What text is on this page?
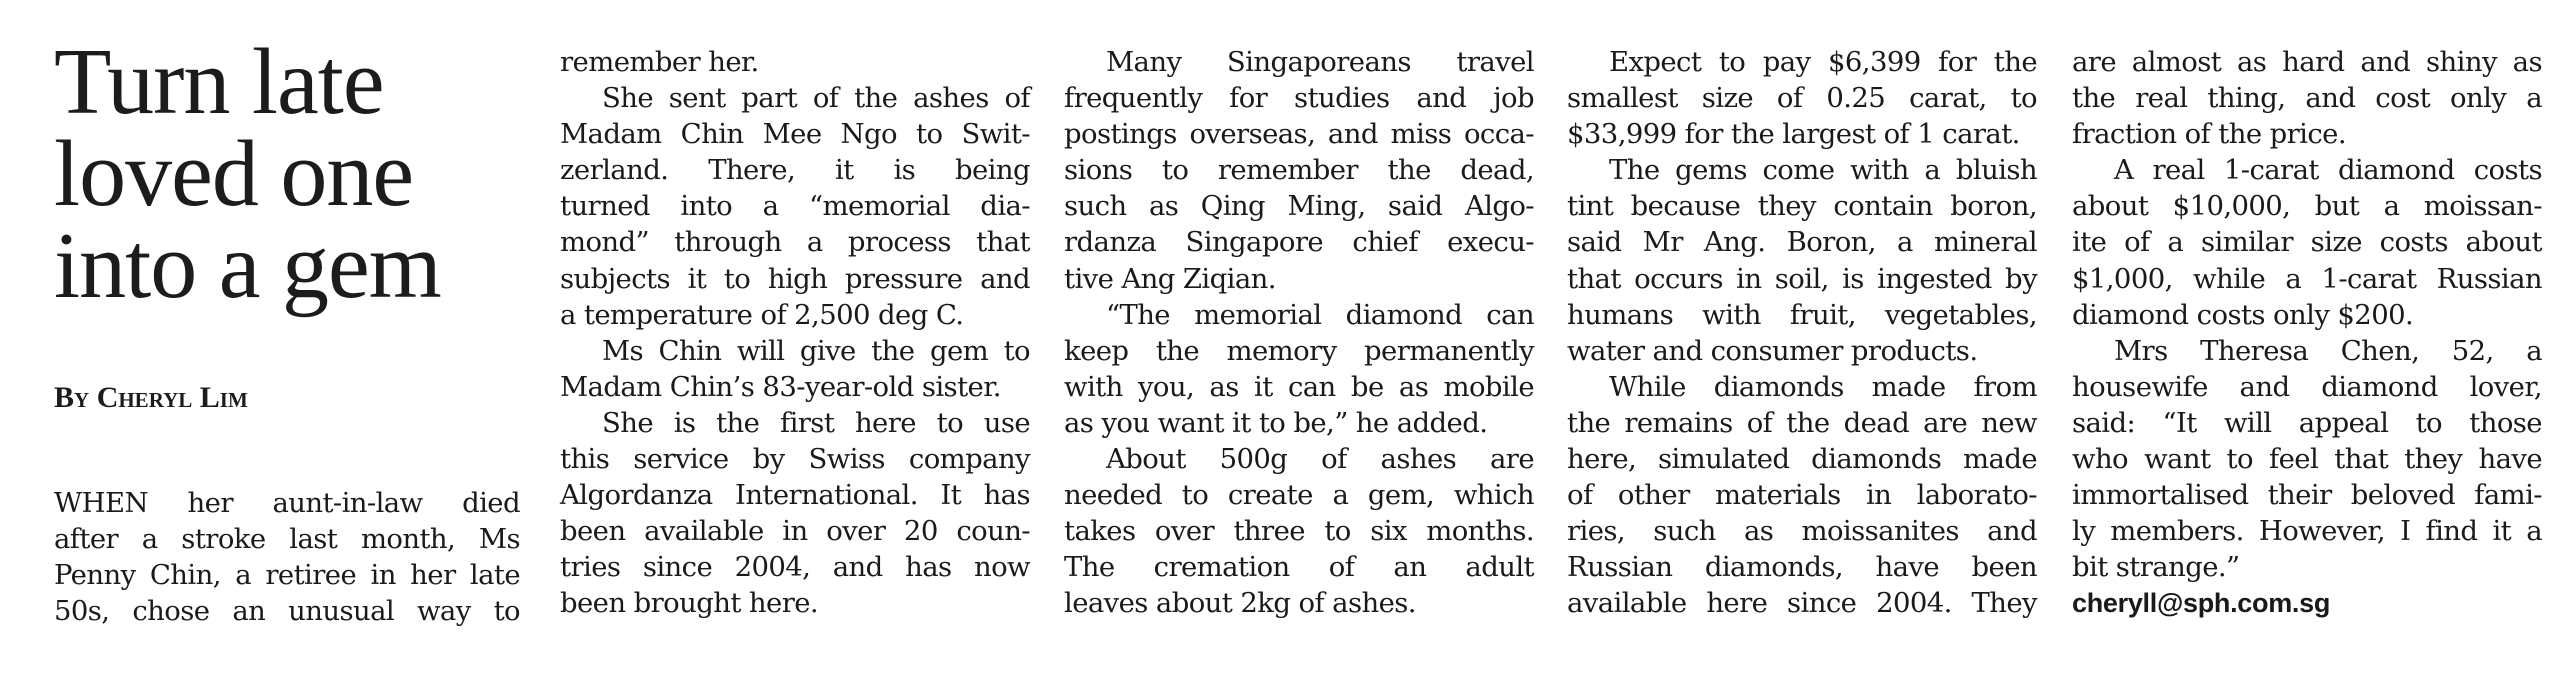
Turn late
loved one
into a gem
By Cheryl Lim
WHEN her aunt-in-law died
after a stroke last month, Ms
Penny Chin, a retiree in her late
50s, chose an unusual way to
remember her.
She sent part of the ashes of
Madam Chin Mee Ngo to Swit-
zerland. There, it is being
turned into a “memorial dia-
mond” through a process that
subjects it to high pressure and
a temperature of 2,500 deg C.
Ms Chin will give the gem to
Madam Chin’s 83-year-old sister.
She is the first here to use
this service by Swiss company
Algordanza International. It has
been available in over 20 coun-
tries since 2004, and has now
been brought here.
Many Singaporeans travel
frequently for studies and job
postings overseas, and miss occa-
sions to remember the dead,
such as Qing Ming, said Algo-
rdanza Singapore chief execu-
tive Ang Ziqian.
“The memorial diamond can
keep the memory permanently
with you, as it can be as mobile
as you want it to be,” he added.
About 500g of ashes are
needed to create a gem, which
takes over three to six months.
The cremation of an adult
leaves about 2kg of ashes.
Expect to pay $6,399 for the
smallest size of 0.25 carat, to
$33,999 for the largest of 1 carat.
The gems come with a bluish
tint because they contain boron,
said Mr Ang. Boron, a mineral
that occurs in soil, is ingested by
humans with fruit, vegetables,
water and consumer products.
While diamonds made from
the remains of the dead are new
here, simulated diamonds made
of other materials in laborato-
ries, such as moissanites and
Russian diamonds, have been
available here since 2004. They
are almost as hard and shiny as
the real thing, and cost only a
fraction of the price.
A real 1-carat diamond costs
about $10,000, but a moissan-
ite of a similar size costs about
$1,000, while a 1-carat Russian
diamond costs only $200.
Mrs Theresa Chen, 52, a
housewife and diamond lover,
said: “It will appeal to those
who want to feel that they have
immortalised their beloved fami-
ly members. However, I find it a
bit strange.”
cheryll@sph.com.sg
